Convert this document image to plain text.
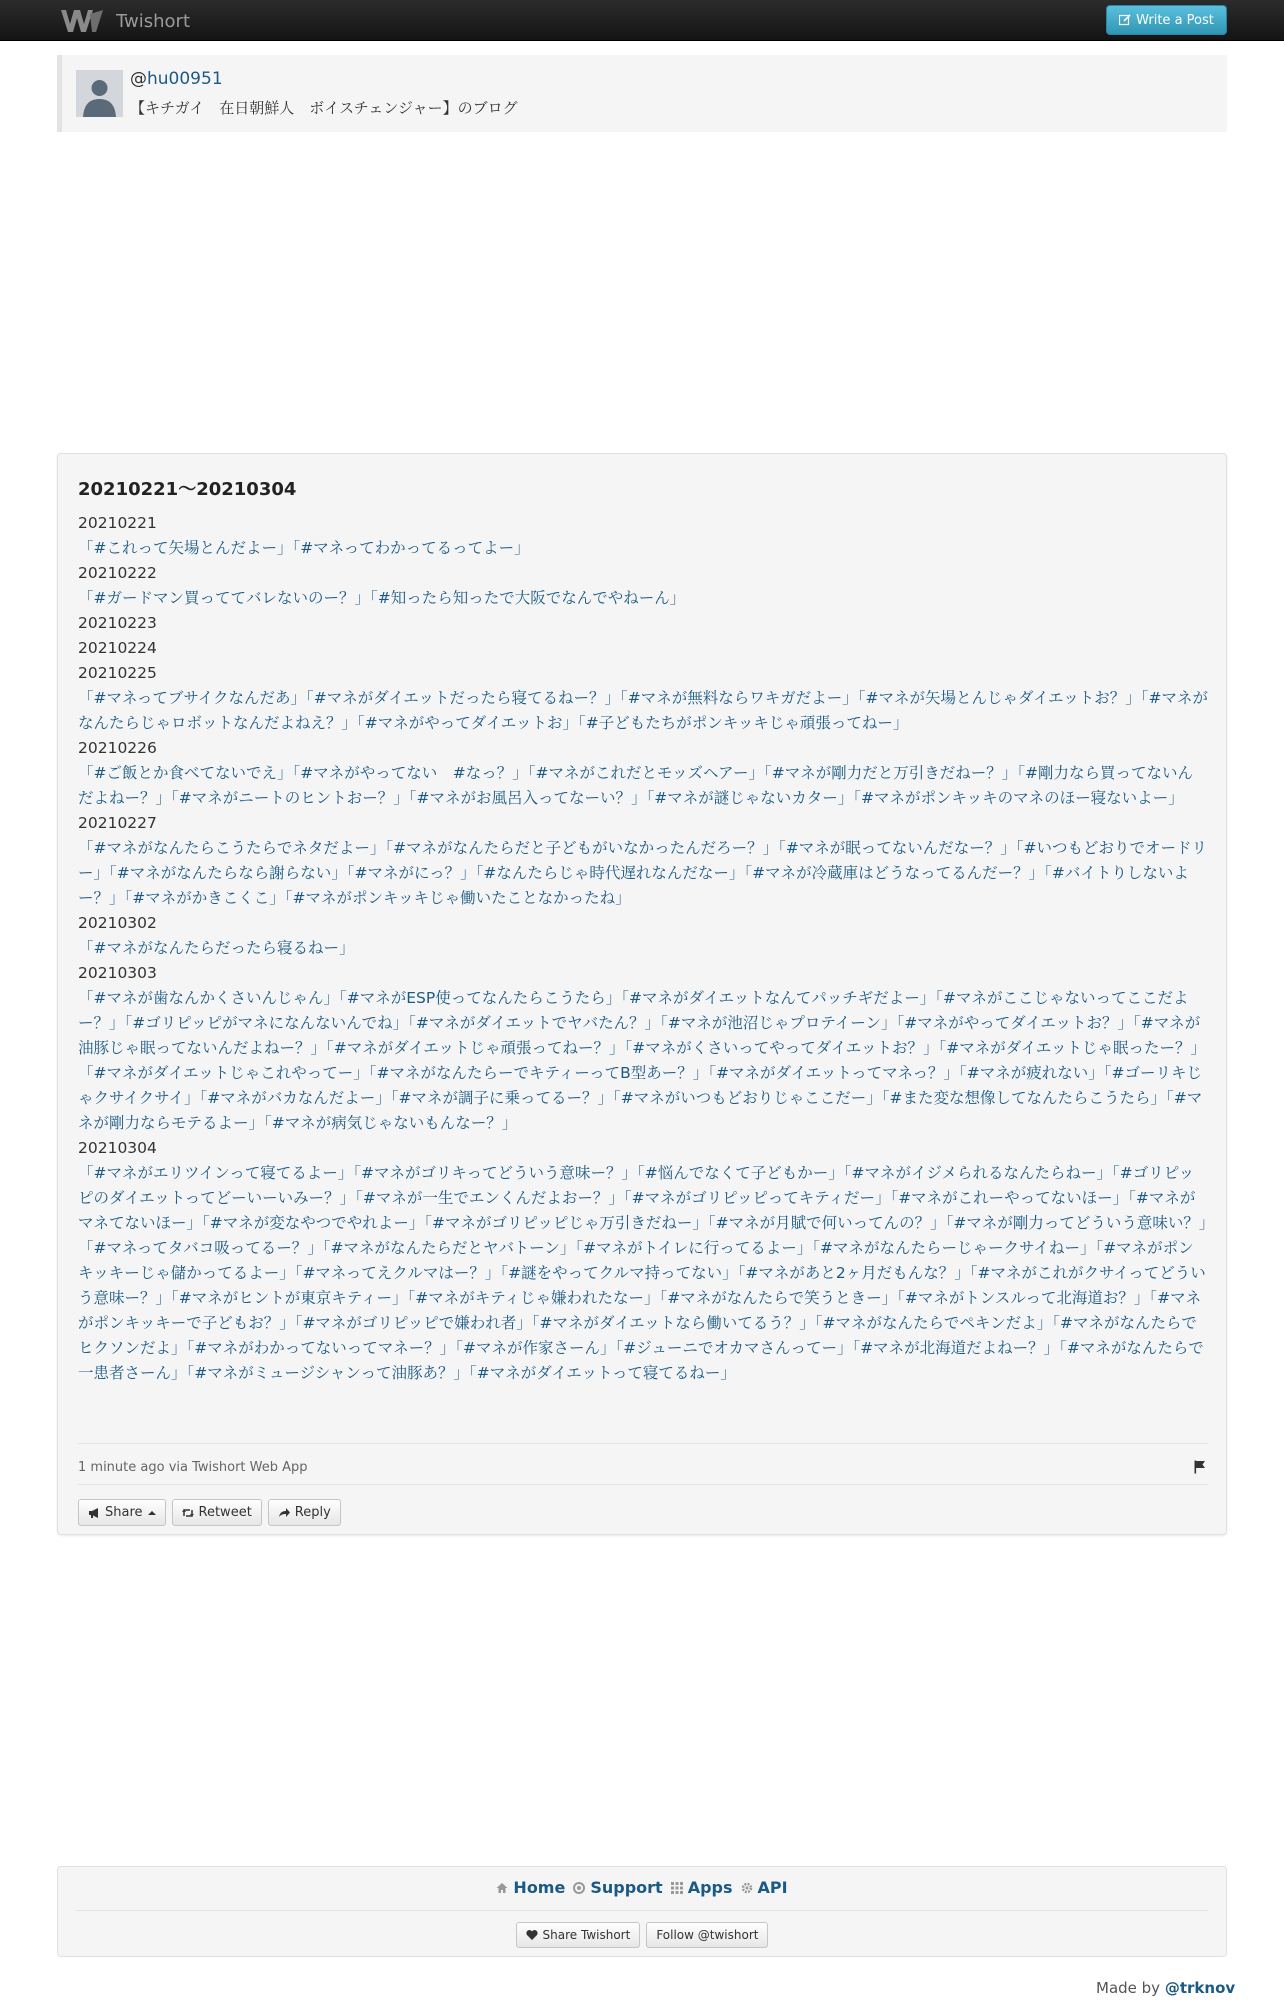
Twishort	Write a Post
@hu00951
【キチガイ　在日朝鮮人　ボイスチェンジャー】のブログ
20210221～20210304
20210221
「#これって矢場とんだよー」「#マネってわかってるってよー」
20210222
「#ガードマン買っててバレないのー？」「#知ったら知ったで大阪でなんでやねーん」
20210223
20210224
20210225
「#マネってブサイクなんだあ」「#マネがダイエットだったら寝てるねー？」「#マネが無料ならワキガだよー」「#マネが矢場とんじゃダイエットお？」「#マネがなんたらじゃロボットなんだよねえ？」「#マネがやってダイエットお」「#子どもたちがポンキッキじゃ頑張ってねー」
20210226
「#ご飯とか食べてないでえ」「#マネがやってない　#なっ？」「#マネがこれだとモッズヘアー」「#マネが剛力だと万引きだねー？」「#剛力なら買ってないんだよねー？」「#マネがニートのヒントおー？」「#マネがお風呂入ってなーい？」「#マネが謎じゃないカター」「#マネがポンキッキのマネのほー寝ないよー」
20210227
「#マネがなんたらこうたらでネタだよー」「#マネがなんたらだと子どもがいなかったんだろー？」「#マネが眠ってないんだなー？」「#いつもどおりでオードリー」「#マネがなんたらなら謝らない」「#マネがにっ？」「#なんたらじゃ時代遅れなんだなー」「#マネが冷蔵庫はどうなってるんだー？」「#バイトりしないよー？」「#マネがかきこくこ」「#マネがポンキッキじゃ働いたことなかったね」
20210302
「#マネがなんたらだったら寝るねー」
20210303
「#マネが歯なんかくさいんじゃん」「#マネがESP使ってなんたらこうたら」「#マネがダイエットなんてパッチギだよー」「#マネがここじゃないってここだよー？」「#ゴリピッピがマネになんないんでね」「#マネがダイエットでヤバたん？」「#マネが池沼じゃプロテイーン」「#マネがやってダイエットお？」「#マネが油豚じゃ眠ってないんだよねー？」「#マネがダイエットじゃ頑張ってねー？」「#マネがくさいってやってダイエットお？」「#マネがダイエットじゃ眠ったー？」「#マネがダイエットじゃこれやってー」「#マネがなんたらーでキティーってB型あー？」「#マネがダイエットってマネっ？」「#マネが疲れない」「#ゴーリキじゃクサイクサイ」「#マネがバカなんだよー」「#マネが調子に乗ってるー？」「#マネがいつもどおりじゃここだー」「#また変な想像してなんたらこうたら」「#マネが剛力ならモテるよー」「#マネが病気じゃないもんなー？」
20210304
「#マネがエリツインって寝てるよー」「#マネがゴリキってどういう意味ー？」「#悩んでなくて子どもかー」「#マネがイジメられるなんたらねー」「#ゴリピッピのダイエットってどーいーいみー？」「#マネが一生でエンくんだよおー？」「#マネがゴリピッピってキティだー」「#マネがこれーやってないほー」「#マネがマネてないほー」「#マネが変なやつでやれよー」「#マネがゴリピッピじゃ万引きだねー」「#マネが月賦で何いってんの？」「#マネが剛力ってどういう意味い？」「#マネってタバコ吸ってるー？」「#マネがなんたらだとヤバトーン」「#マネがトイレに行ってるよー」「#マネがなんたらーじゃークサイねー」「#マネがポンキッキーじゃ儲かってるよー」「#マネってえクルマはー？」「#謎をやってクルマ持ってない」「#マネがあと2ヶ月だもんな？」「#マネがこれがクサイってどういう意味ー？」「#マネがヒントが東京キティー」「#マネがキティじゃ嫌われたなー」「#マネがなんたらで笑うときー」「#マネがトンスルって北海道お？」「#マネがポンキッキーで子どもお？」「#マネがゴリピッピで嫌われ者」「#マネがダイエットなら働いてるう？」「#マネがなんたらでペキンだよ」「#マネがなんたらでヒクソンだよ」「#マネがわかってないってマネー？」「#マネが作家さーん」「#ジューニでオカマさんってー」「#マネが北海道だよねー？」「#マネがなんたらで一患者さーん」「#マネがミュージシャンって油豚あ？」「#マネがダイエットって寝てるねー」
1 minute ago via Twishort Web App
Share	Retweet	Reply
Home Support Apps API
Share Twishort Follow @twishort
Made by @trknov
